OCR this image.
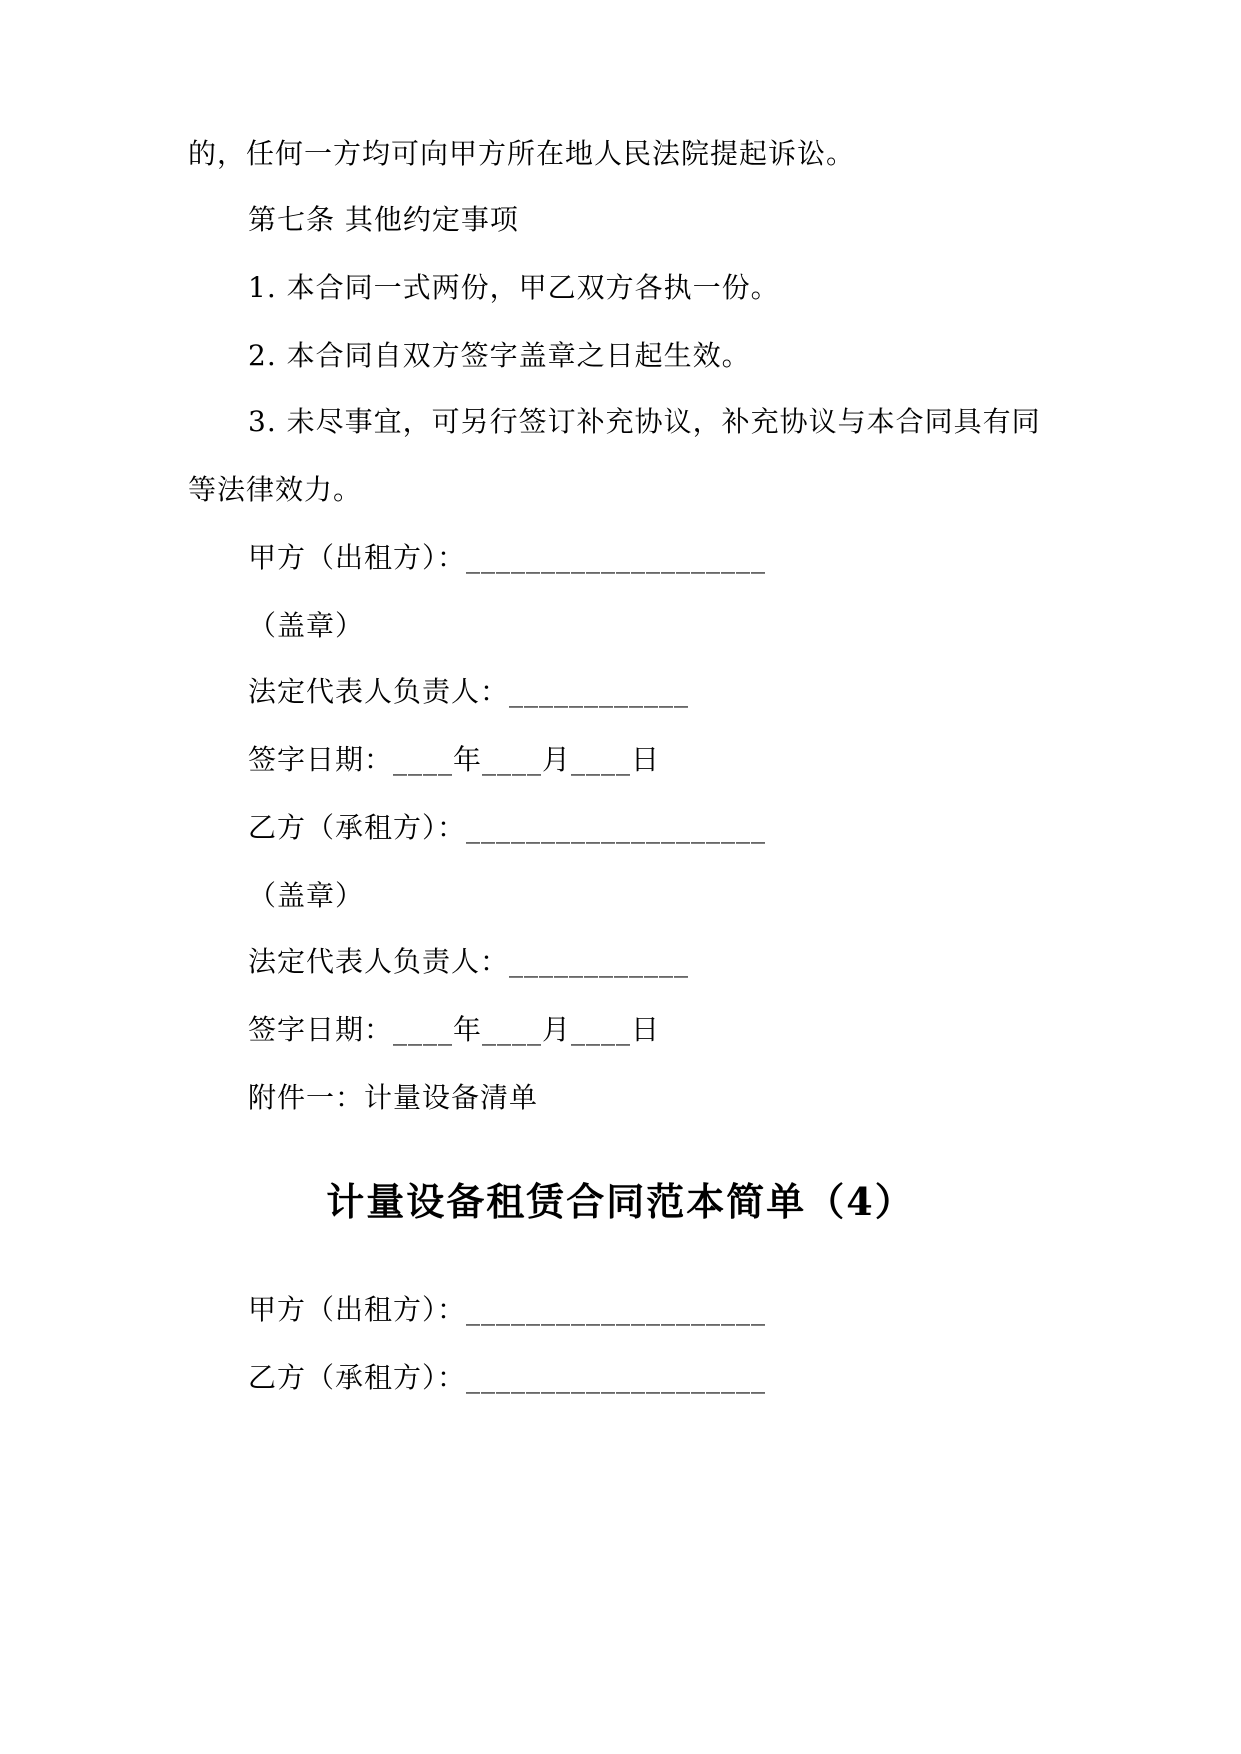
的，任何一方均可向甲方所在地人民法院提起诉讼。
第七条 其他约定事项
1. 本合同一式两份，甲乙双方各执一份。
2. 本合同自双方签字盖章之日起生效。
3. 未尽事宜，可另行签订补充协议，补充协议与本合同具有同
等法律效力。
甲方（出租方）：____________________
（盖章）
法定代表人负责人：____________
签字日期：____年____月____日
乙方（承租方）：____________________
（盖章）
法定代表人负责人：____________
签字日期：____年____月____日
附件一：计量设备清单
计量设备租赁合同范本简单（4）
甲方（出租方）：____________________
乙方（承租方）：____________________
